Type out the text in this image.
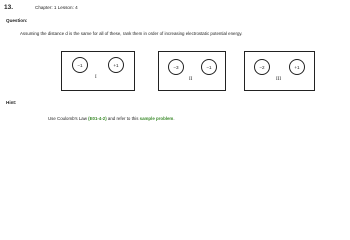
13.	Chapter: 1 Lesson: 4
Question:
Assuming the distance d is the same for all of these, rank them in order of increasing electrostatic potential energy.
−1	+1
I
−3	−1
II
−2	+1
III
Hint:
Use Coulomb's Law (E01-4-2) and refer to this sample problem.
